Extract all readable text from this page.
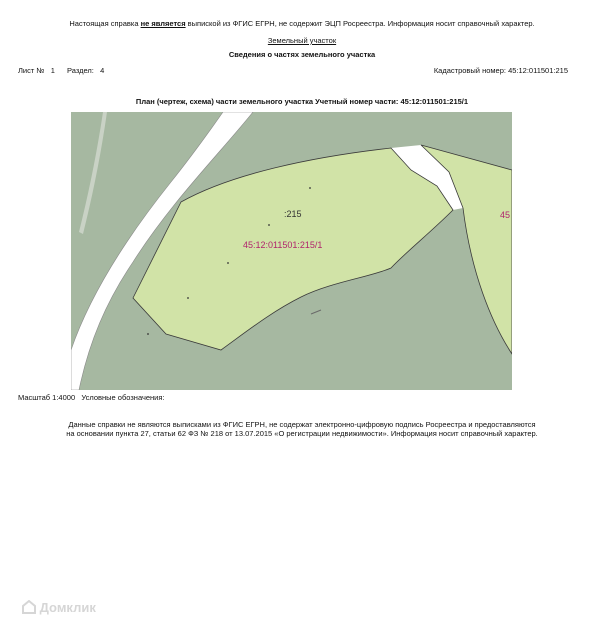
Настоящая справка не является выпиской из ФГИС ЕГРН, не содержит ЭЦП Росреестра. Информация носит справочный характер.
Земельный участок
Сведения о частях земельного участка
Лист № 1 Раздел: 4	Кадастровый номер: 45:12:011501:215
План (чертеж, схема) части земельного участка Учетный номер части: 45:12:011501:215/1
:215
45:12:011501:215/1
45
Масштаб 1:4000 Условные обозначения:
Данные справки не являются выписками из ФГИС ЕГРН, не содержат электронно-цифровую подпись Росреестра и предоставляются
на основании пункта 27, статьи 62 ФЗ № 218 от 13.07.2015 «О регистрации недвижимости». Информация носит справочный характер.
Домклик
